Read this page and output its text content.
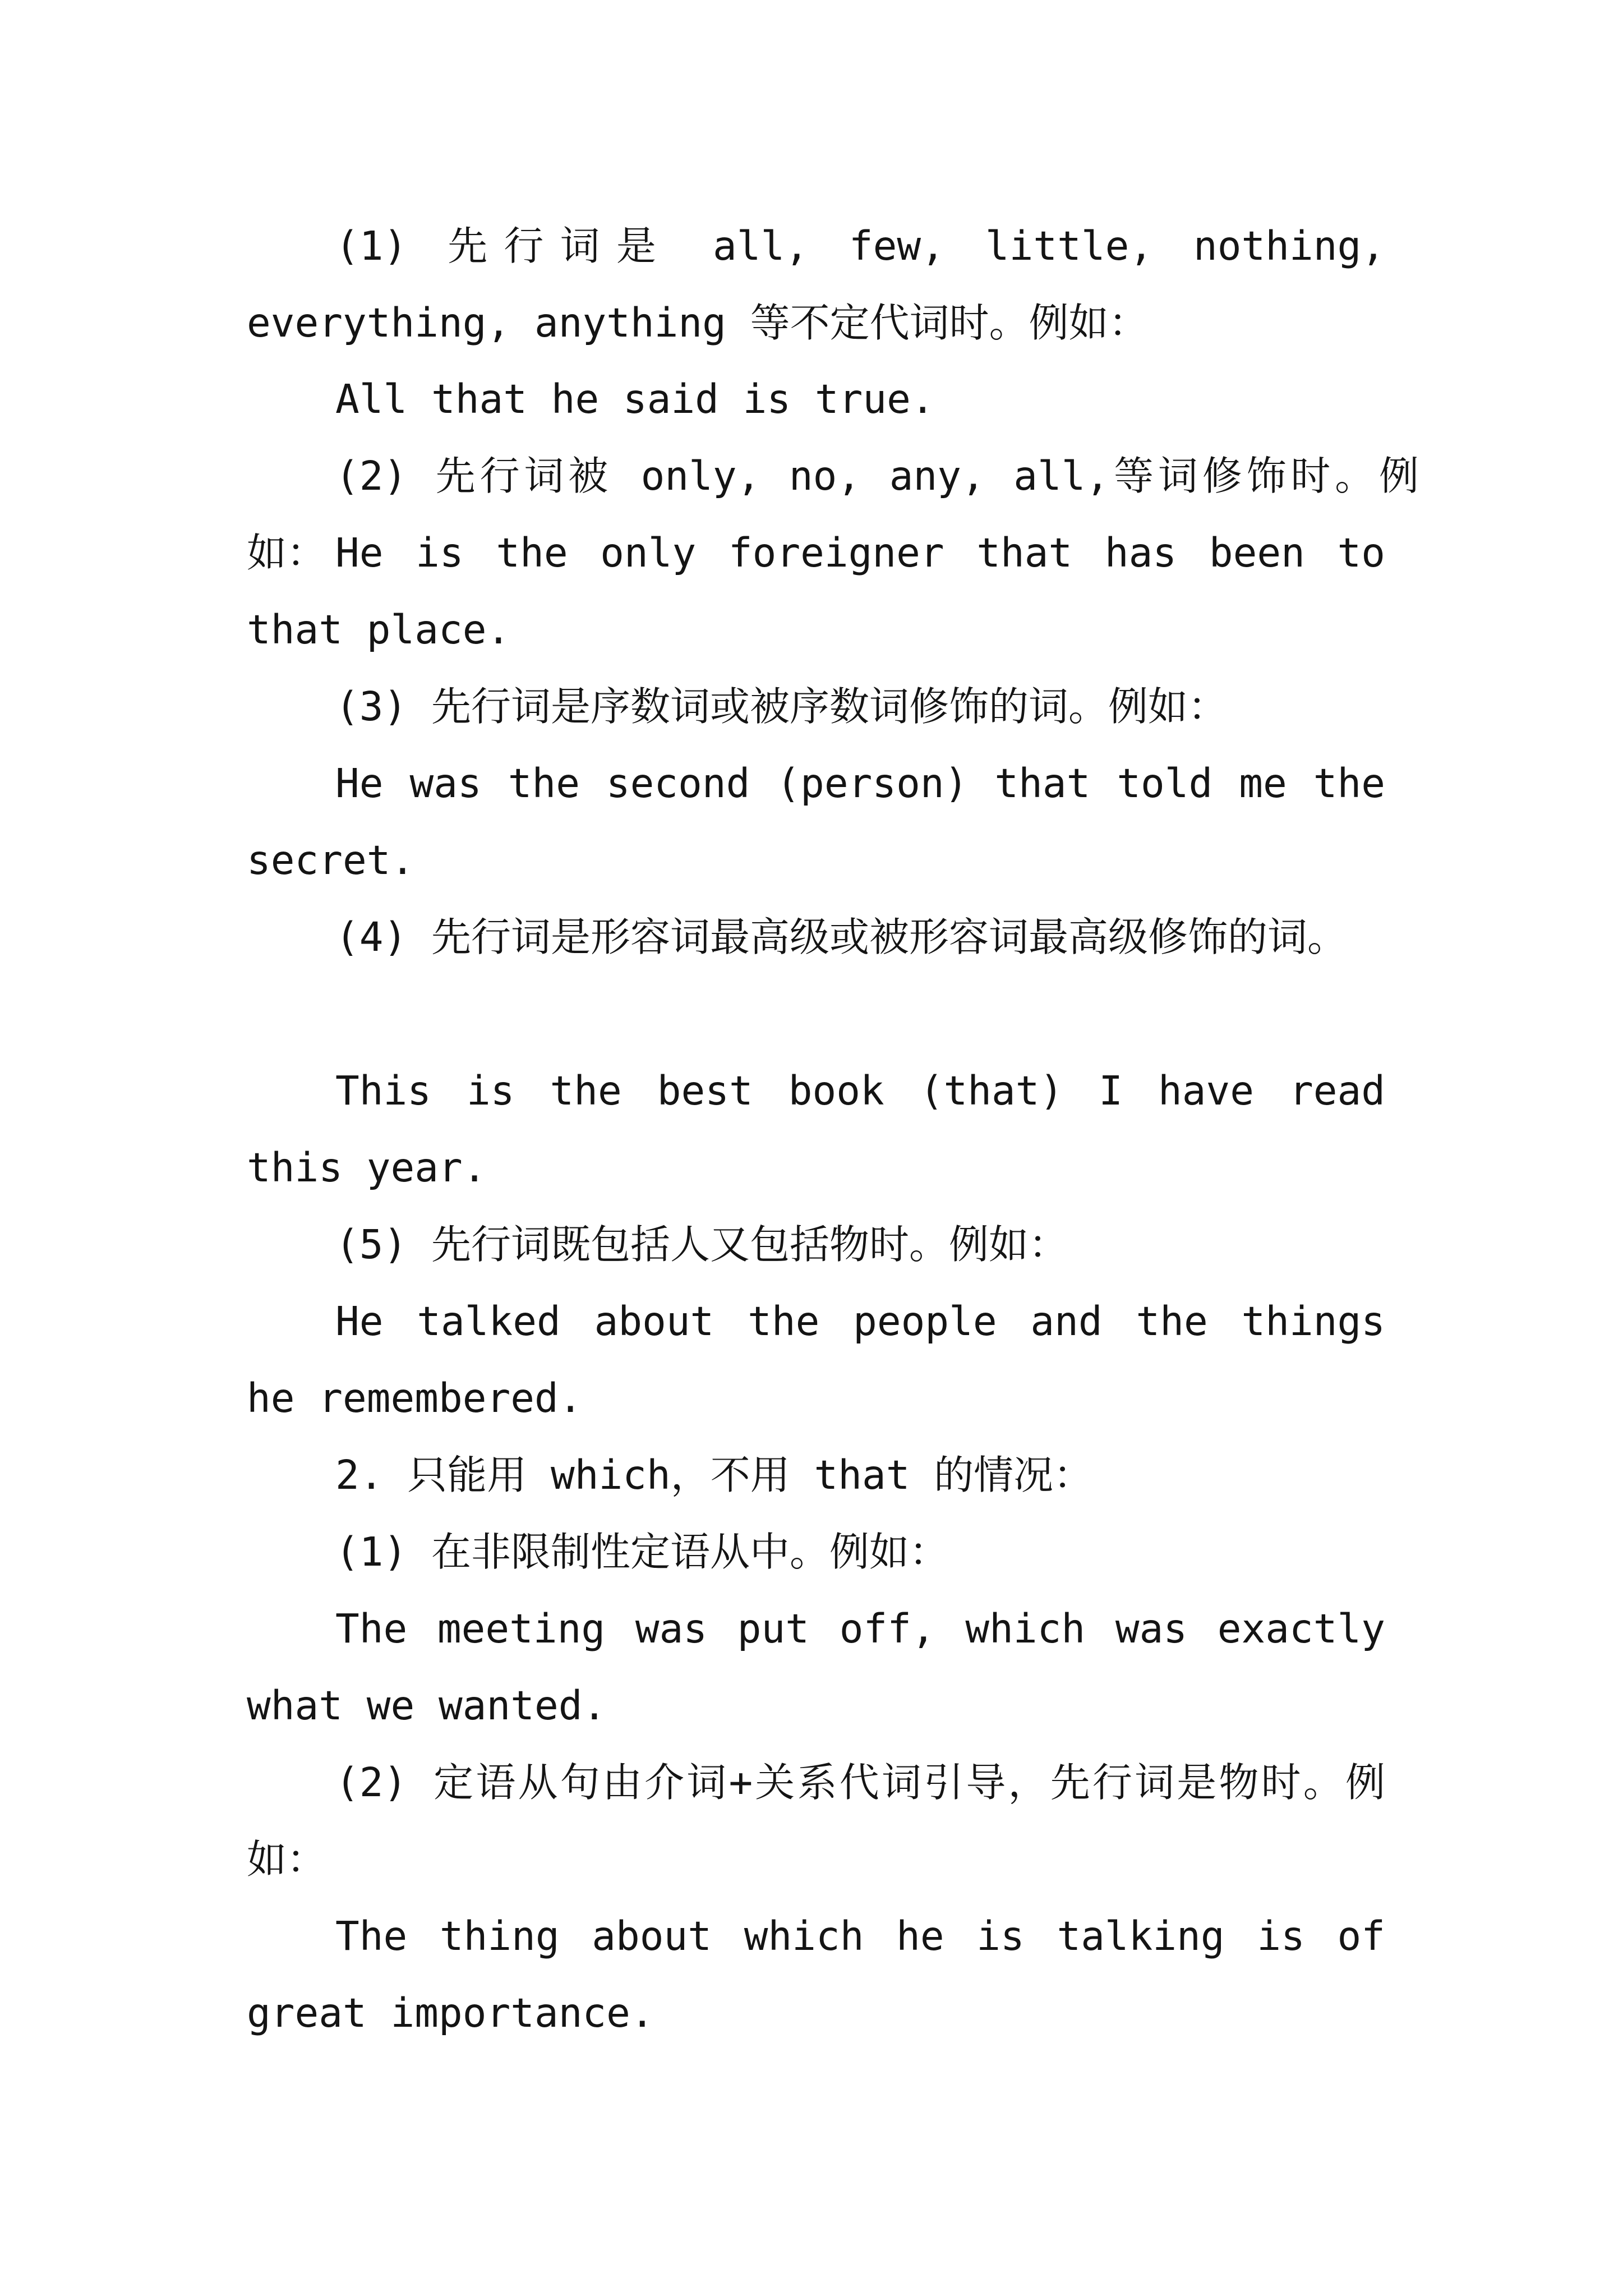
(1) 先行词是 all, few, little, nothing, everything, anything 等不定代词时。例如：

All that he said is true.

(2) 先行词被 only, no, any, all,等词修饰时。例如： He is the only foreigner that has been to that place.

(3) 先行词是序数词或被序数词修饰的词。例如：

He was the second (person) that told me the secret.

(4) 先行词是形容词最高级或被形容词最高级修饰的词。

This is the best book (that) I have read this year.

(5) 先行词既包括人又包括物时。例如：

He talked about the people and the things he remembered.

2. 只能用 which，不用 that 的情况：

(1) 在非限制性定语从中。例如：

The meeting was put off, which was exactly what we wanted.

(2) 定语从句由介词+关系代词引导，先行词是物时。例如：

The thing about which he is talking is of great importance.
